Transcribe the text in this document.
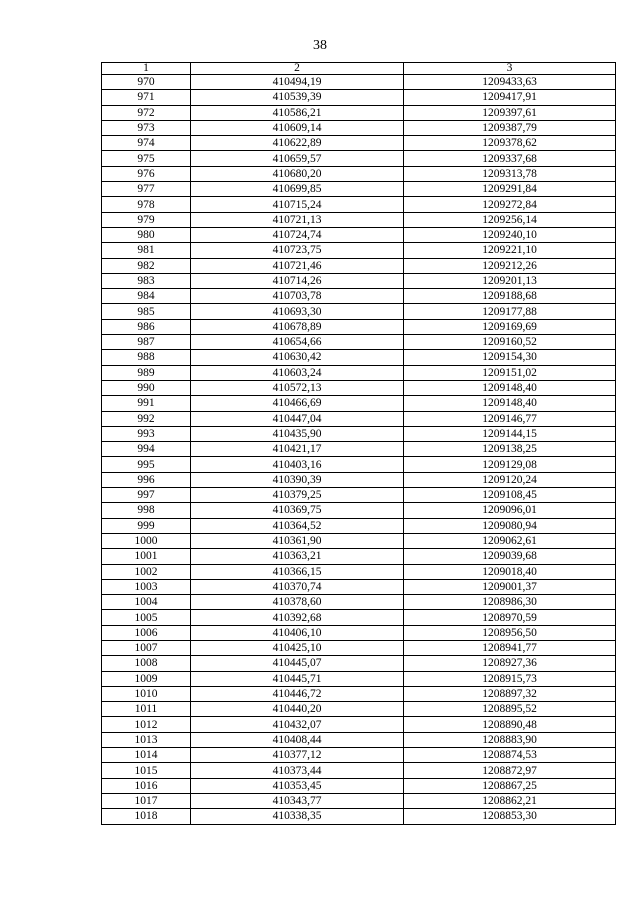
38
1	2	3
970	410494,19	1209433,63
971	410539,39	1209417,91
972	410586,21	1209397,61
973	410609,14	1209387,79
974	410622,89	1209378,62
975	410659,57	1209337,68
976	410680,20	1209313,78
977	410699,85	1209291,84
978	410715,24	1209272,84
979	410721,13	1209256,14
980	410724,74	1209240,10
981	410723,75	1209221,10
982	410721,46	1209212,26
983	410714,26	1209201,13
984	410703,78	1209188,68
985	410693,30	1209177,88
986	410678,89	1209169,69
987	410654,66	1209160,52
988	410630,42	1209154,30
989	410603,24	1209151,02
990	410572,13	1209148,40
991	410466,69	1209148,40
992	410447,04	1209146,77
993	410435,90	1209144,15
994	410421,17	1209138,25
995	410403,16	1209129,08
996	410390,39	1209120,24
997	410379,25	1209108,45
998	410369,75	1209096,01
999	410364,52	1209080,94
1000	410361,90	1209062,61
1001	410363,21	1209039,68
1002	410366,15	1209018,40
1003	410370,74	1209001,37
1004	410378,60	1208986,30
1005	410392,68	1208970,59
1006	410406,10	1208956,50
1007	410425,10	1208941,77
1008	410445,07	1208927,36
1009	410445,71	1208915,73
1010	410446,72	1208897,32
1011	410440,20	1208895,52
1012	410432,07	1208890,48
1013	410408,44	1208883,90
1014	410377,12	1208874,53
1015	410373,44	1208872,97
1016	410353,45	1208867,25
1017	410343,77	1208862,21
1018	410338,35	1208853,30
